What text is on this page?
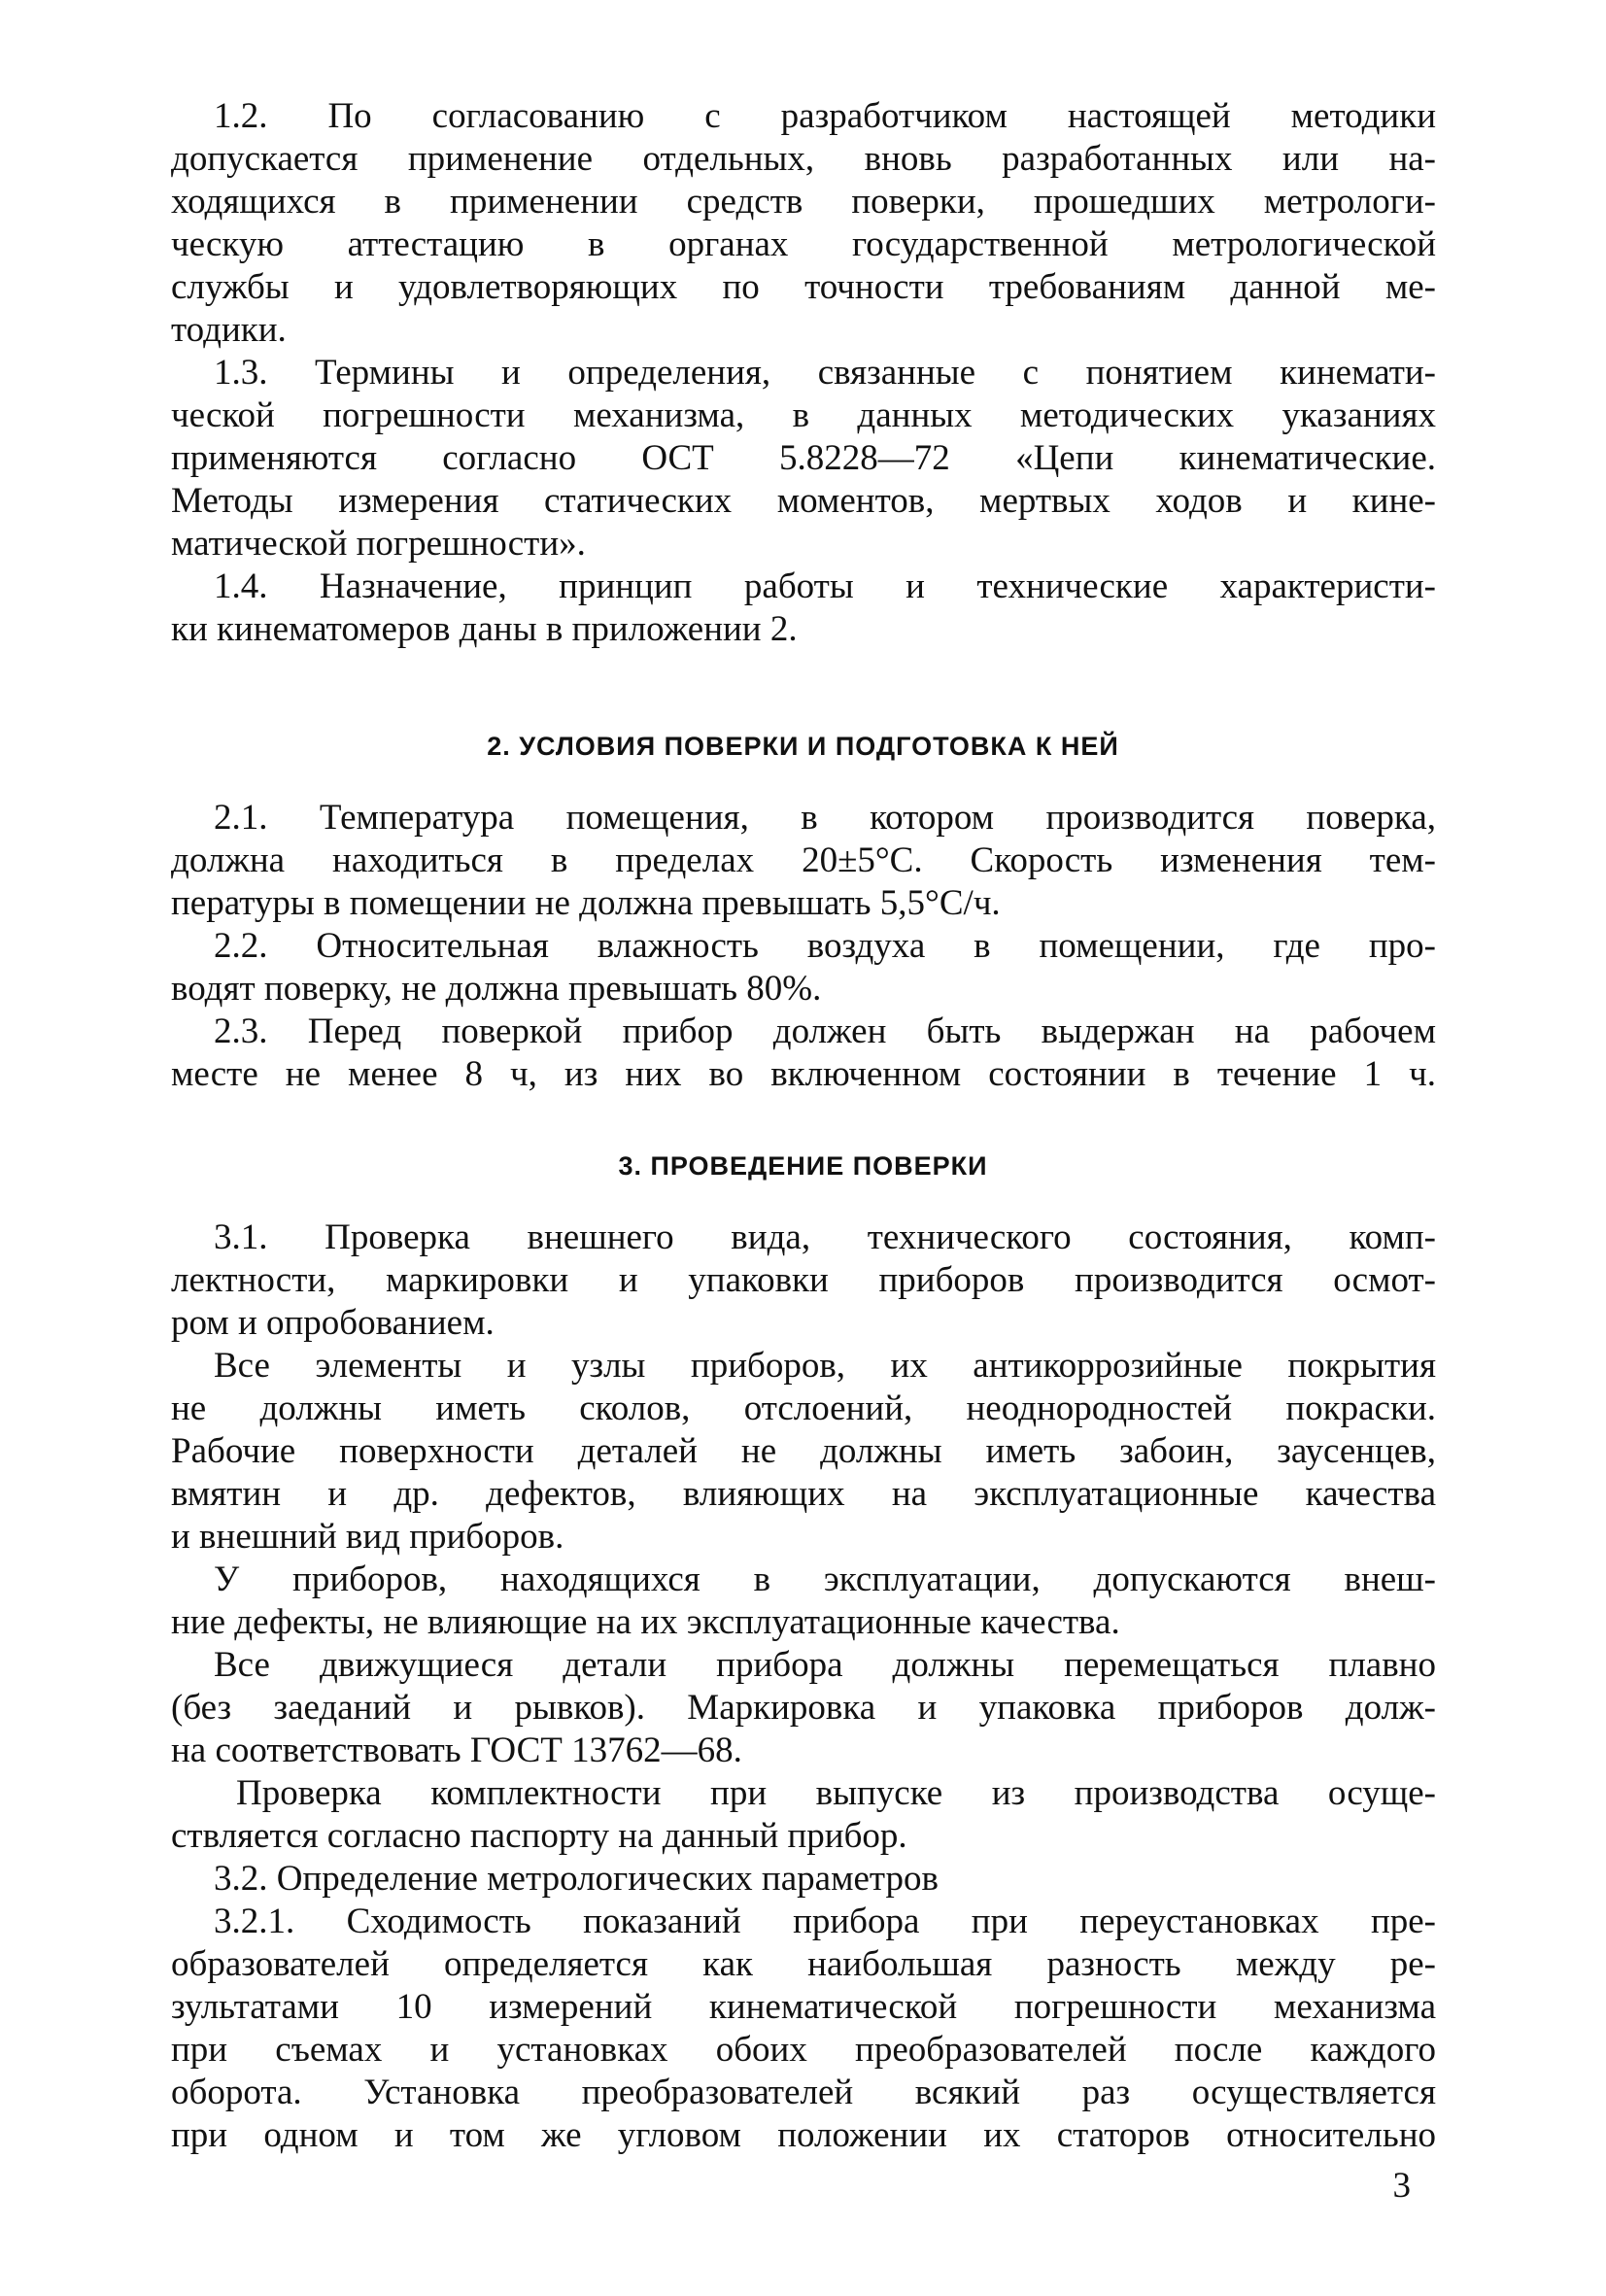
1.2. По согласованию с разработчиком настоящей методики

допускается применение отдельных, вновь разработанных или на-

ходящихся в применении средств поверки, прошедших метрологи-

ческую аттестацию в органах государственной метрологической

службы и удовлетворяющих по точности требованиям данной ме-

тодики.

1.3. Термины и определения, связанные с понятием кинемати-

ческой погрешности механизма, в данных методических указаниях

применяются согласно ОСТ 5.8228—72 «Цепи кинематические.

Методы измерения статических моментов, мертвых ходов и кине-

матической погрешности».

1.4. Назначение, принцип работы и технические характеристи-

ки кинематомеров даны в приложении 2.

2. УСЛОВИЯ ПОВЕРКИ И ПОДГОТОВКА К НЕЙ

2.1. Температура помещения, в котором производится поверка,

должна находиться в пределах 20±5°С. Скорость изменения тем-

пературы в помещении не должна превышать 5,5°С/ч.

2.2. Относительная влажность воздуха в помещении, где про-

водят поверку, не должна превышать 80%.

2.3. Перед поверкой прибор должен быть выдержан на рабочем

месте не менее 8 ч, из них во включенном состоянии в течение 1 ч.

3. ПРОВЕДЕНИЕ ПОВЕРКИ

3.1. Проверка внешнего вида, технического состояния, комп-

лектности, маркировки и упаковки приборов производится осмот-

ром и опробованием.

Все элементы и узлы приборов, их антикоррозийные покрытия

не должны иметь сколов, отслоений, неоднородностей покраски.

Рабочие поверхности деталей не должны иметь забоин, заусенцев,

вмятин и др. дефектов, влияющих на эксплуатационные качества

и внешний вид приборов.

У приборов, находящихся в эксплуатации, допускаются внеш-

ние дефекты, не влияющие на их эксплуатационные качества.

Все движущиеся детали прибора должны перемещаться плавно

(без заеданий и рывков). Маркировка и упаковка приборов долж-

на соответствовать ГОСТ 13762—68.

Проверка комплектности при выпуске из производства осуще-

ствляется согласно паспорту на данный прибор.

3.2. Определение метрологических параметров

3.2.1. Сходимость показаний прибора при переустановках пре-

образователей определяется как наибольшая разность между ре-

зультатами 10 измерений кинематической погрешности механизма

при съемах и установках обоих преобразователей после каждого

оборота. Установка преобразователей всякий раз осуществляется

при одном и том же угловом положении их статоров относительно

3
